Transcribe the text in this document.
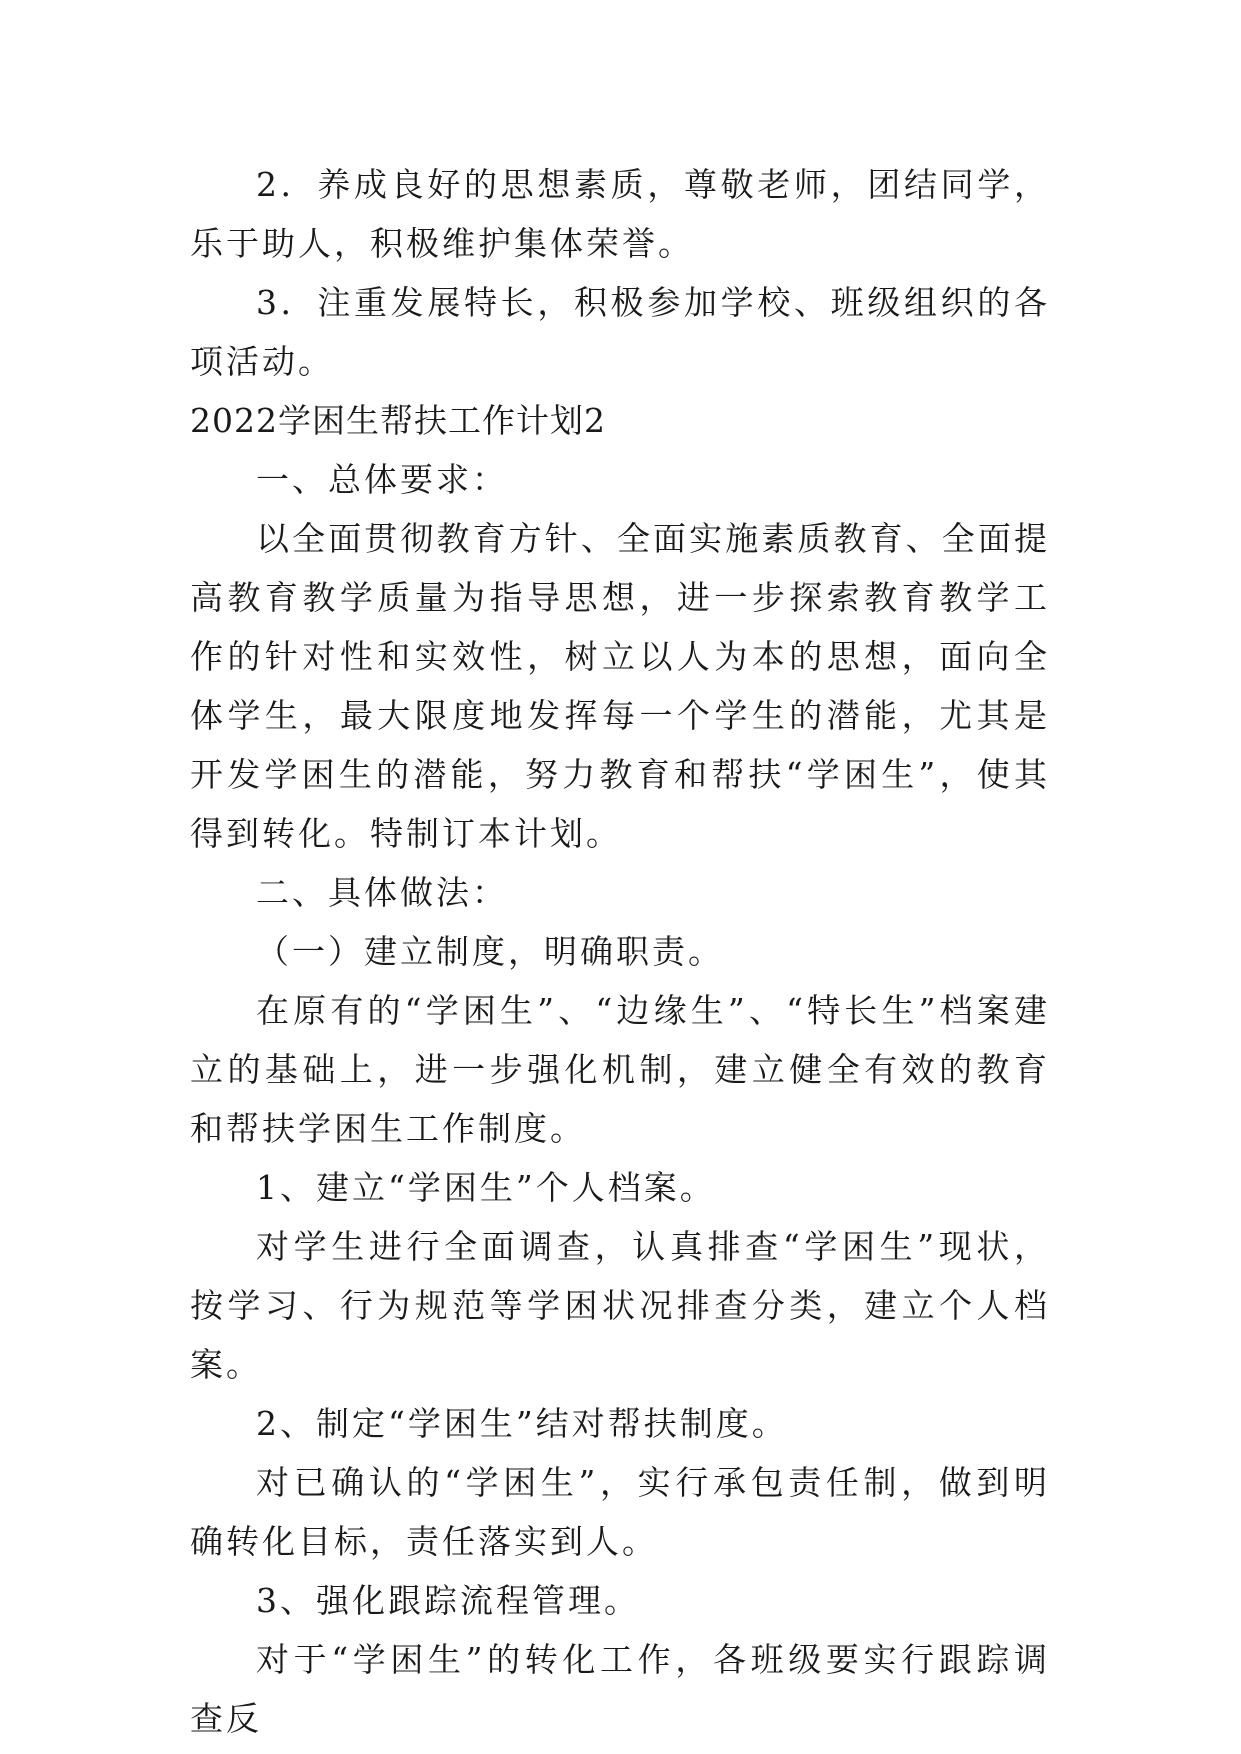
2．养成良好的思想素质，尊敬老师，团结同学，乐于助人，积极维护集体荣誉。

3．注重发展特长，积极参加学校、班级组织的各项活动。

2022学困生帮扶工作计划2

一、总体要求：

以全面贯彻教育方针、全面实施素质教育、全面提高教育教学质量为指导思想，进一步探索教育教学工作的针对性和实效性，树立以人为本的思想，面向全体学生，最大限度地发挥每一个学生的潜能，尤其是开发学困生的潜能，努力教育和帮扶“学困生”，使其得到转化。特制订本计划。

二、具体做法：

（一）建立制度，明确职责。

在原有的“学困生”、“边缘生”、“特长生”档案建立的基础上，进一步强化机制，建立健全有效的教育和帮扶学困生工作制度。

1、建立“学困生”个人档案。

对学生进行全面调查，认真排查“学困生”现状，按学习、行为规范等学困状况排查分类，建立个人档案。

2、制定“学困生”结对帮扶制度。

对已确认的“学困生”，实行承包责任制，做到明确转化目标，责任落实到人。

3、强化跟踪流程管理。

对于“学困生”的转化工作，各班级要实行跟踪调查反
